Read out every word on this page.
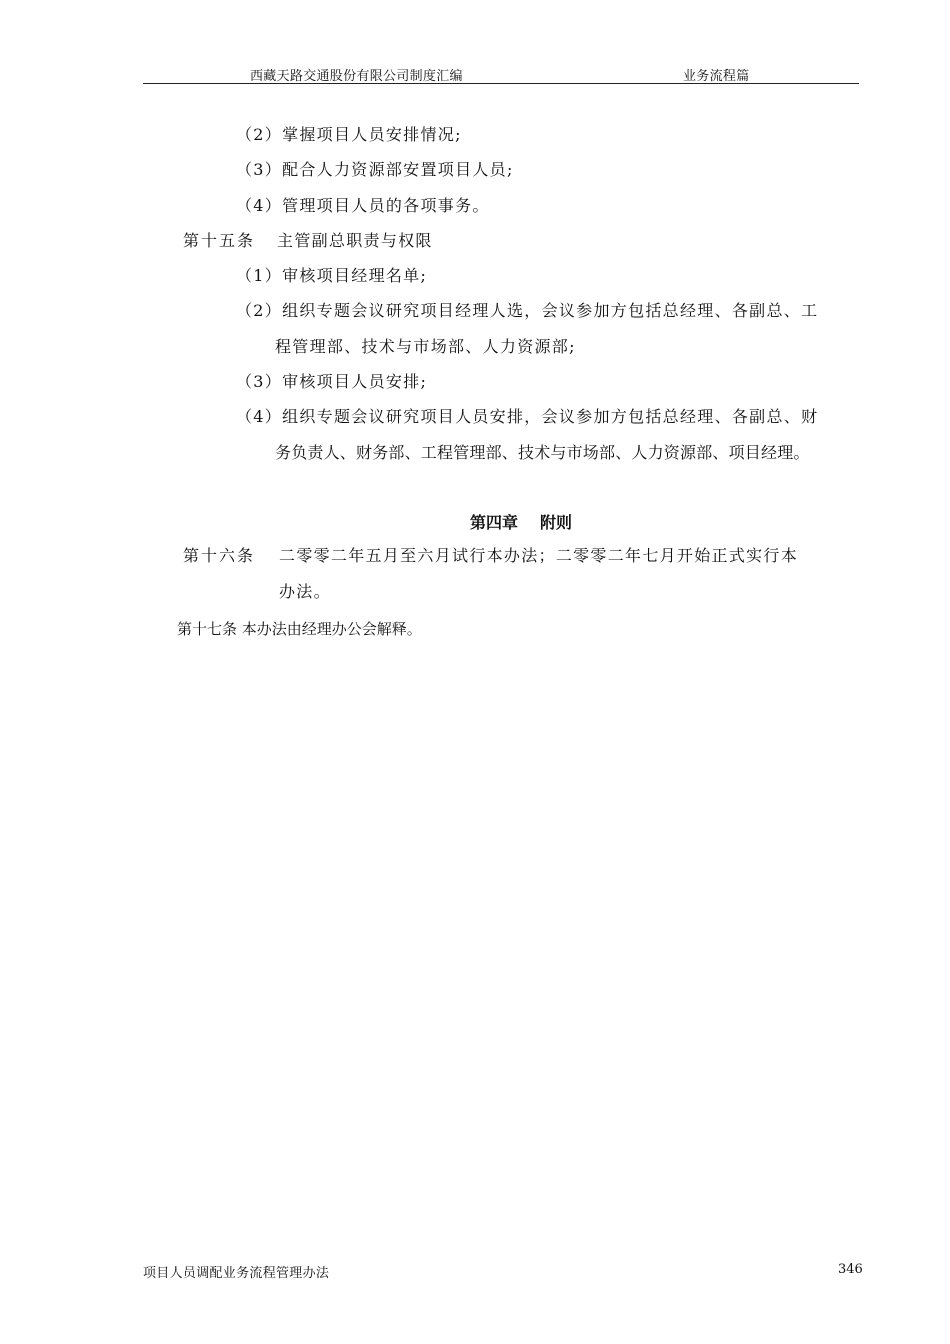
西藏天路交通股份有限公司制度汇编	业务流程篇
（2）掌握项目人员安排情况;
（3）配合人力资源部安置项目人员;
（4）管理项目人员的各项事务。
第十五条 主管副总职责与权限
（1）审核项目经理名单;
（2）组织专题会议研究项目经理人选，会议参加方包括总经理、各副总、工
程管理部、技术与市场部、人力资源部;
（3）审核项目人员安排;
（4）组织专题会议研究项目人员安排，会议参加方包括总经理、各副总、财
务负责人、财务部、工程管理部、技术与市场部、人力资源部、项目经理。
第四章 附则
第十六条 二零零二年五月至六月试行本办法；二零零二年七月开始正式实行本
办法。
第十七条 本办法由经理办公会解释。
项目人员调配业务流程管理办法	346
